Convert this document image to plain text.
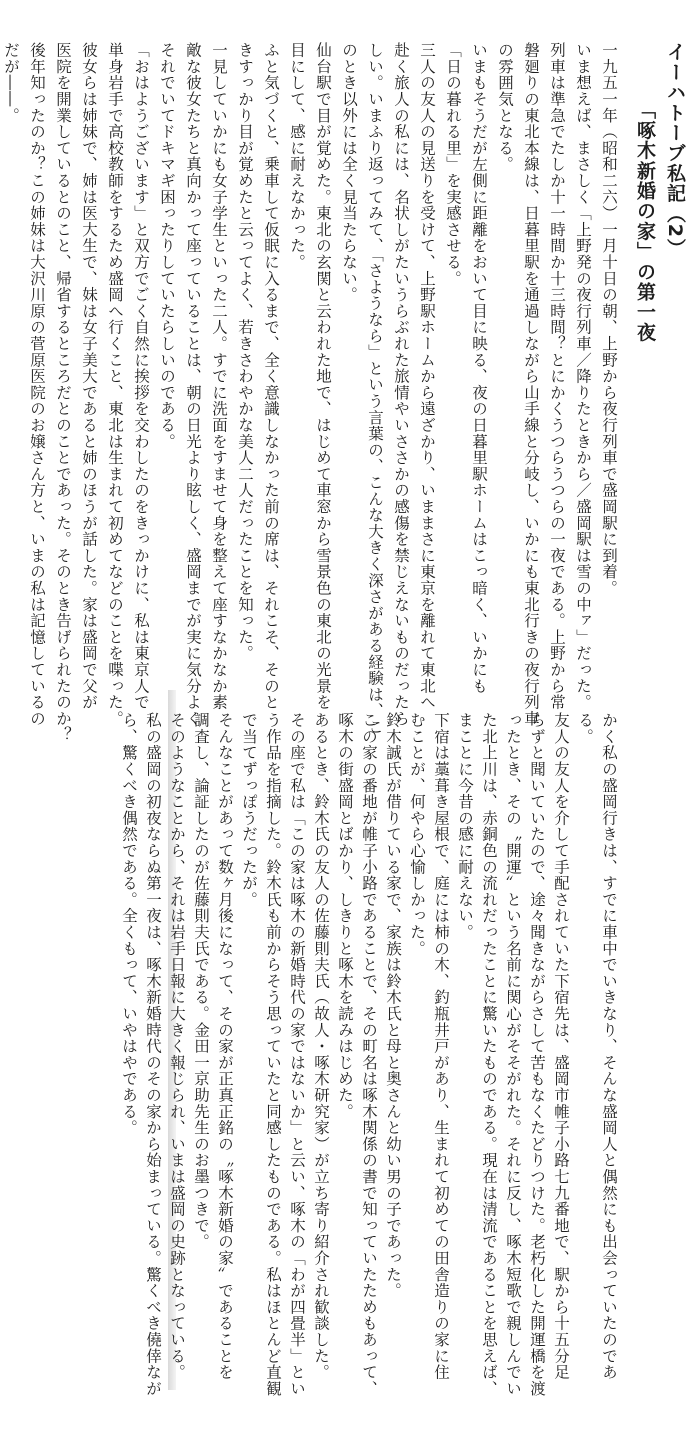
イーハトーブ私記（2）
「啄木新婚の家」の第一夜
一九五一年（昭和二六）一月十日の朝、上野から夜行列車で盛岡駅に到着。
いま想えば、まさしく「上野発の夜行列車／降りたときから／盛岡駅は雪の中ァ」だった。
列車は準急でたしか十一時間か十三時間？とにかくうつらうつらの一夜である。上野から常
磐廻りの東北本線は、日暮里駅を通過しながら山手線と分岐し、いかにも東北行きの夜行列車
の雰囲気となる。
いまもそうだが左側に距離をおいて目に映る、夜の日暮里駅ホームはこっ暗く、いかにも
「日の暮れる里」を実感させる。
三人の友人の見送りを受けて、上野駅ホームから遠ざかり、いままさに東京を離れて東北へ
赴く旅人の私には、名状しがたいうらぶれた旅情やいささかの感傷を禁じえないものだったら
しい。いまふり返ってみて、「さようなら」という言葉の、こんな大きく深さがある経験は、こ
のとき以外には全く見当たらない。
仙台駅で目が覚めた。東北の玄関と云われた地で、はじめて車窓から雪景色の東北の光景を
目にして、感に耐えなかった。
ふと気づくと、乗車して仮眠に入るまで、全く意識しなかった前の席は、それこそ、そのと
きすっかり目が覚めたと云ってよく、若きさわやかな美人二人だったことを知った。
一見していかにも女子学生といった二人。すでに洗面をすませて身を整えて座すなかなか素
敵な彼女たちと真向かって座っていることは、朝の日光より眩しく、盛岡までが実に気分よく
それでいてドキマギ困ったりしていたらしいのである。
「おはようございます」と双方でごく自然に挨拶を交わしたのをきっかけに、私は東京人で
単身岩手で高校教師をするため盛岡へ行くこと、東北は生まれて初めてなどのことを喋った。
彼女らは姉妹で、姉は医大生で、妹は女子美大であると姉のほうが話した。家は盛岡で父が
医院を開業しているとのこと、帰省するところだとのことであった。そのとき告げられたのか？
後年知ったのか？この姉妹は大沢川原の菅原医院のお嬢さん方と、いまの私は記憶しているの
だが――。
かく私の盛岡行きは、すでに車中でいきなり、そんな盛岡人と偶然にも出会っていたのであ
る。
友人の友人を介して手配されていた下宿先は、盛岡市帷子小路七九番地で、駅から十五分足
らずと聞いていたので、途々聞きながらさして苦もなくたどりつけた。老朽化した開運橋を渡
ったとき、その〝開運〟という名前に関心がそそがれた。それに反し、啄木短歌で親しんでい
た北上川は、赤銅色の流れだったことに驚いたものである。現在は清流であることを思えば、
まことに今昔の感に耐えない。
下宿は藁葺き屋根で、庭には柿の木、釣瓶井戸があり、生まれて初めての田舎造りの家に住
むことが、何やら心愉しかった。
鈴木誠氏が借りている家で、家族は鈴木氏と母と奥さんと幼い男の子であった。
この家の番地が帷子小路であることで、その町名は啄木関係の書で知っていたためもあって、
啄木の街盛岡とばかり、しきりと啄木を読みはじめた。
あるとき、鈴木氏の友人の佐藤則夫氏（故人・啄木研究家）が立ち寄り紹介され歓談した。
その座で私は「この家は啄木の新婚時代の家ではないか」と云い、啄木の「わが四畳半」とい
う作品を指摘した。鈴木氏も前からそう思っていたと同感したものである。私はほとんど直観
で当てずっぽうだったが。
そんなことがあって数ヶ月後になって、その家が正真正銘の〝啄木新婚の家〟であることを
調査し、論証したのが佐藤則夫氏である。金田一京助先生のお墨つきで。
そのようなことから、それは岩手日報に大きく報じられ、いまは盛岡の史跡となっている。
私の盛岡の初夜ならぬ第一夜は、啄木新婚時代のその家から始まっている。驚くべき僥倖なが
ら、驚くべき偶然である。全くもって、いやはやである。
